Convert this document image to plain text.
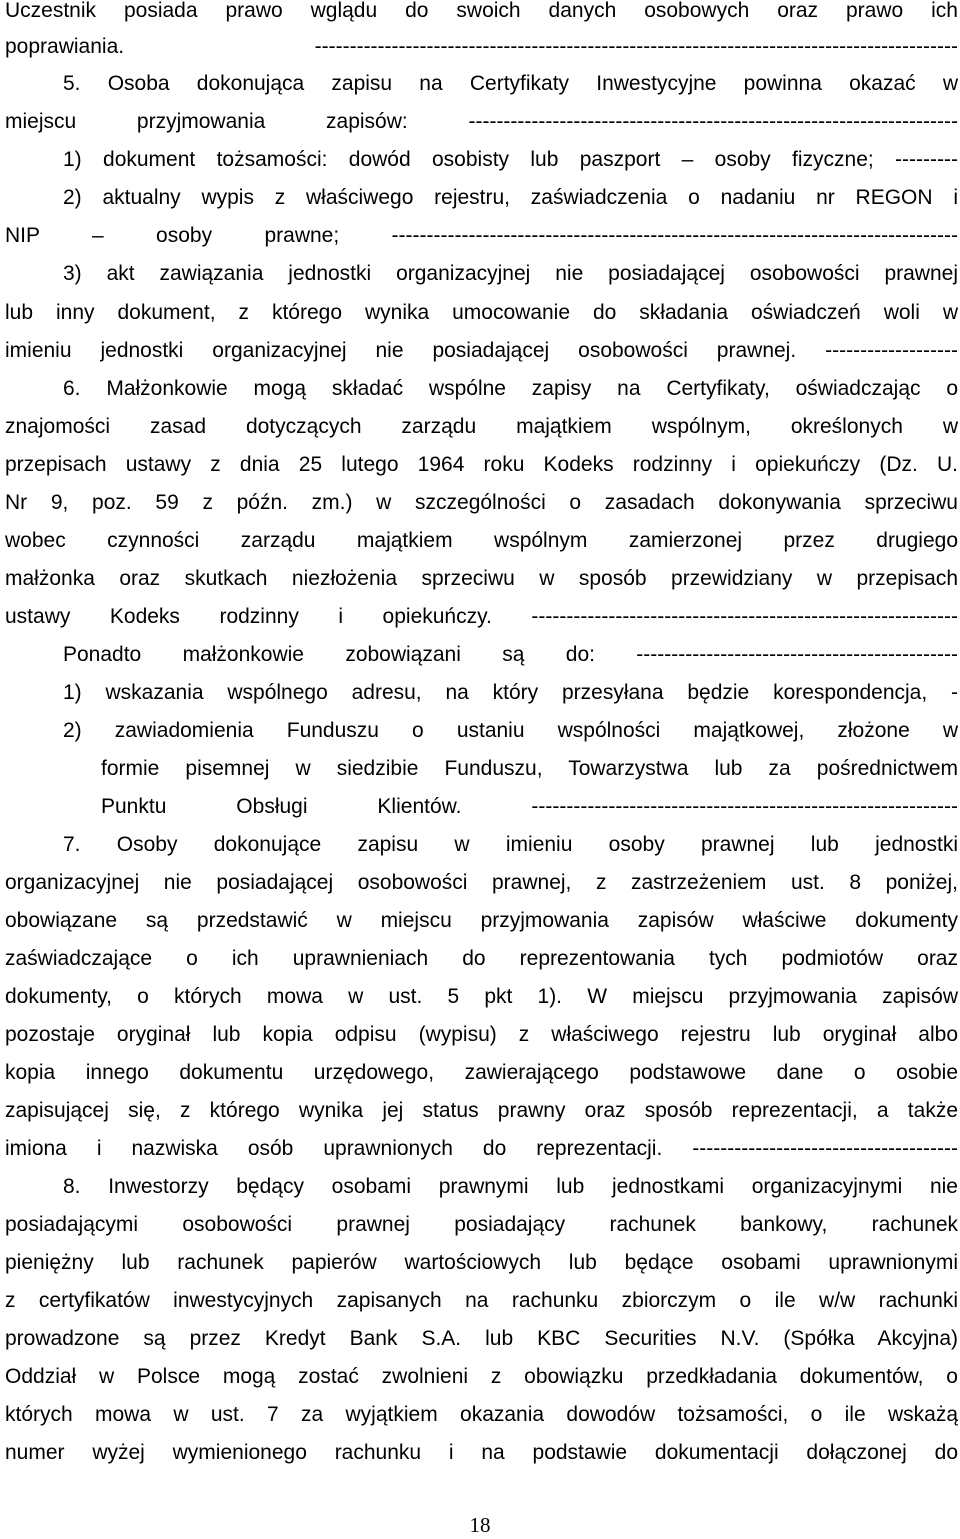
Uczestnik posiada prawo wglądu do swoich danych osobowych oraz prawo ich
poprawiania. --------------------------------------------------------------------------------------------
5. Osoba dokonująca zapisu na Certyfikaty Inwestycyjne powinna okazać w
miejscu przyjmowania zapisów: ----------------------------------------------------------------------
1) dokument tożsamości: dowód osobisty lub paszport – osoby fizyczne; ---------
2) aktualny wypis z właściwego rejestru, zaświadczenia o nadaniu nr REGON i
NIP – osoby prawne; ---------------------------------------------------------------------------------
3) akt zawiązania jednostki organizacyjnej nie posiadającej osobowości prawnej
lub inny dokument, z którego wynika umocowanie do składania oświadczeń woli w
imieniu jednostki organizacyjnej nie posiadającej osobowości prawnej. -------------------
6. Małżonkowie mogą składać wspólne zapisy na Certyfikaty, oświadczając o
znajomości zasad dotyczących zarządu majątkiem wspólnym, określonych w
przepisach ustawy z dnia 25 lutego 1964 roku Kodeks rodzinny i opiekuńczy (Dz. U.
Nr 9, poz. 59 z późn. zm.) w szczególności o zasadach dokonywania sprzeciwu
wobec czynności zarządu majątkiem wspólnym zamierzonej przez drugiego
małżonka oraz skutkach niezłożenia sprzeciwu w sposób przewidziany w przepisach
ustawy Kodeks rodzinny i opiekuńczy. -------------------------------------------------------------
Ponadto małżonkowie zobowiązani są do: ----------------------------------------------
1) wskazania wspólnego adresu, na który przesyłana będzie korespondencja, -
2) zawiadomienia Funduszu o ustaniu wspólności majątkowej, złożone w
formie pisemnej w siedzibie Funduszu, Towarzystwa lub za pośrednictwem
Punktu Obsługi Klientów. -------------------------------------------------------------
7. Osoby dokonujące zapisu w imieniu osoby prawnej lub jednostki
organizacyjnej nie posiadającej osobowości prawnej, z zastrzeżeniem ust. 8 poniżej,
obowiązane są przedstawić w miejscu przyjmowania zapisów właściwe dokumenty
zaświadczające o ich uprawnieniach do reprezentowania tych podmiotów oraz
dokumenty, o których mowa w ust. 5 pkt 1). W miejscu przyjmowania zapisów
pozostaje oryginał lub kopia odpisu (wypisu) z właściwego rejestru lub oryginał albo
kopia innego dokumentu urzędowego, zawierającego podstawowe dane o osobie
zapisującej się, z którego wynika jej status prawny oraz sposób reprezentacji, a także
imiona i nazwiska osób uprawnionych do reprezentacji. --------------------------------------
8. Inwestorzy będący osobami prawnymi lub jednostkami organizacyjnymi nie
posiadającymi osobowości prawnej posiadający rachunek bankowy, rachunek
pieniężny lub rachunek papierów wartościowych lub będące osobami uprawnionymi
z certyfikatów inwestycyjnych zapisanych na rachunku zbiorczym o ile w/w rachunki
prowadzone są przez Kredyt Bank S.A. lub KBC Securities N.V. (Spółka Akcyjna)
Oddział w Polsce mogą zostać zwolnieni z obowiązku przedkładania dokumentów, o
których mowa w ust. 7 za wyjątkiem okazania dowodów tożsamości, o ile wskażą
numer wyżej wymienionego rachunku i na podstawie dokumentacji dołączonej do
18
